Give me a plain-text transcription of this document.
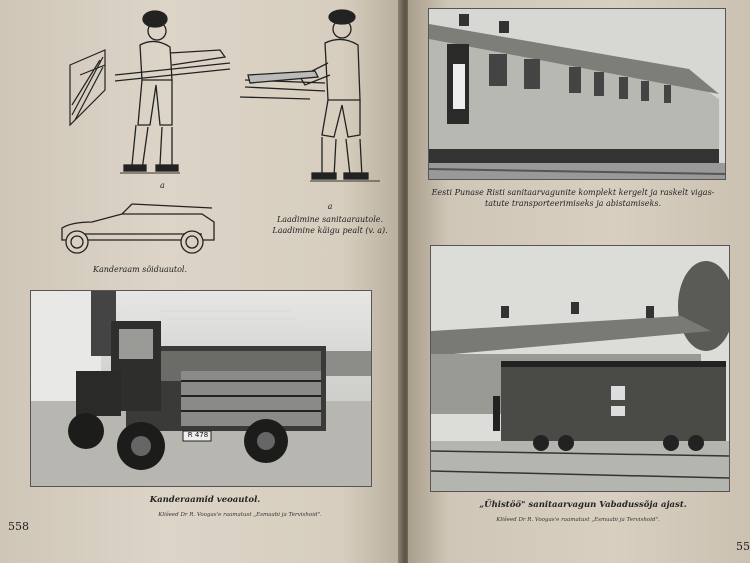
a
Kanderaam sõiduautol.
a
Laadimine sanitaarautole.
Laadimine käigu pealt (v. a).
R 478
Kanderaamid veoautol.
Klišeed Dr R. Voogas'e raamatust „Esmaabi ja Tervishoid".
558
Eesti Punase Risti sanitaarvagunite komplekt kergelt ja raskelt vigas-
tatute transporteerimiseks ja abistamiseks.
„Ühistöö" sanitaarvagun Vabadussõja ajast.
Klišeed Dr R. Voogas'e raamatust „Esmaabi ja Tervishoid".
55
